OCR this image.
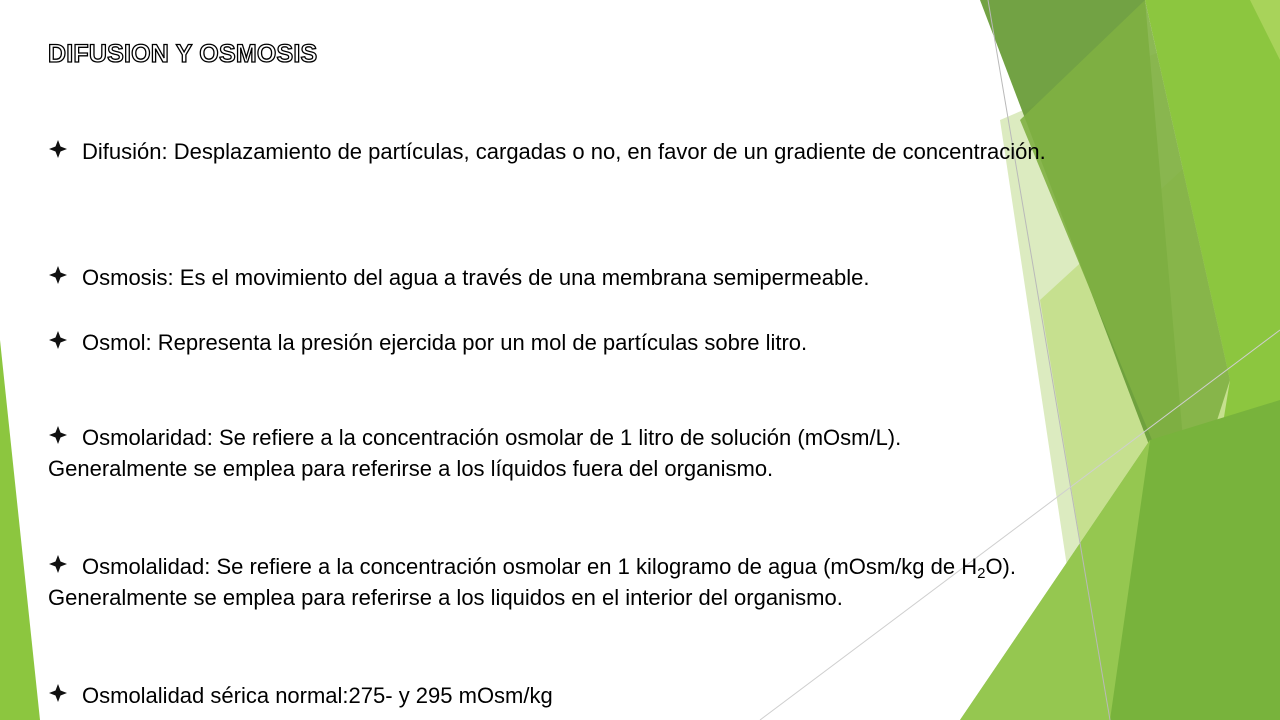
DIFUSION Y OSMOSIS
Difusión: Desplazamiento de partículas, cargadas o no, en favor de un gradiente de concentración.
Osmosis: Es el movimiento del agua a través de una membrana semipermeable.
Osmol: Representa la presión ejercida por un mol de partículas sobre litro.
Osmolaridad: Se refiere a la concentración osmolar de 1 litro de solución (mOsm/L).
Generalmente se emplea para referirse a los líquidos fuera del organismo.
Osmolalidad: Se refiere a la concentración osmolar en 1 kilogramo de agua (mOsm/kg de $H_2O$).
Generalmente se emplea para referirse a los liquidos en el interior del organismo.
Osmolalidad sérica normal:275- y 295 mOsm/kg
